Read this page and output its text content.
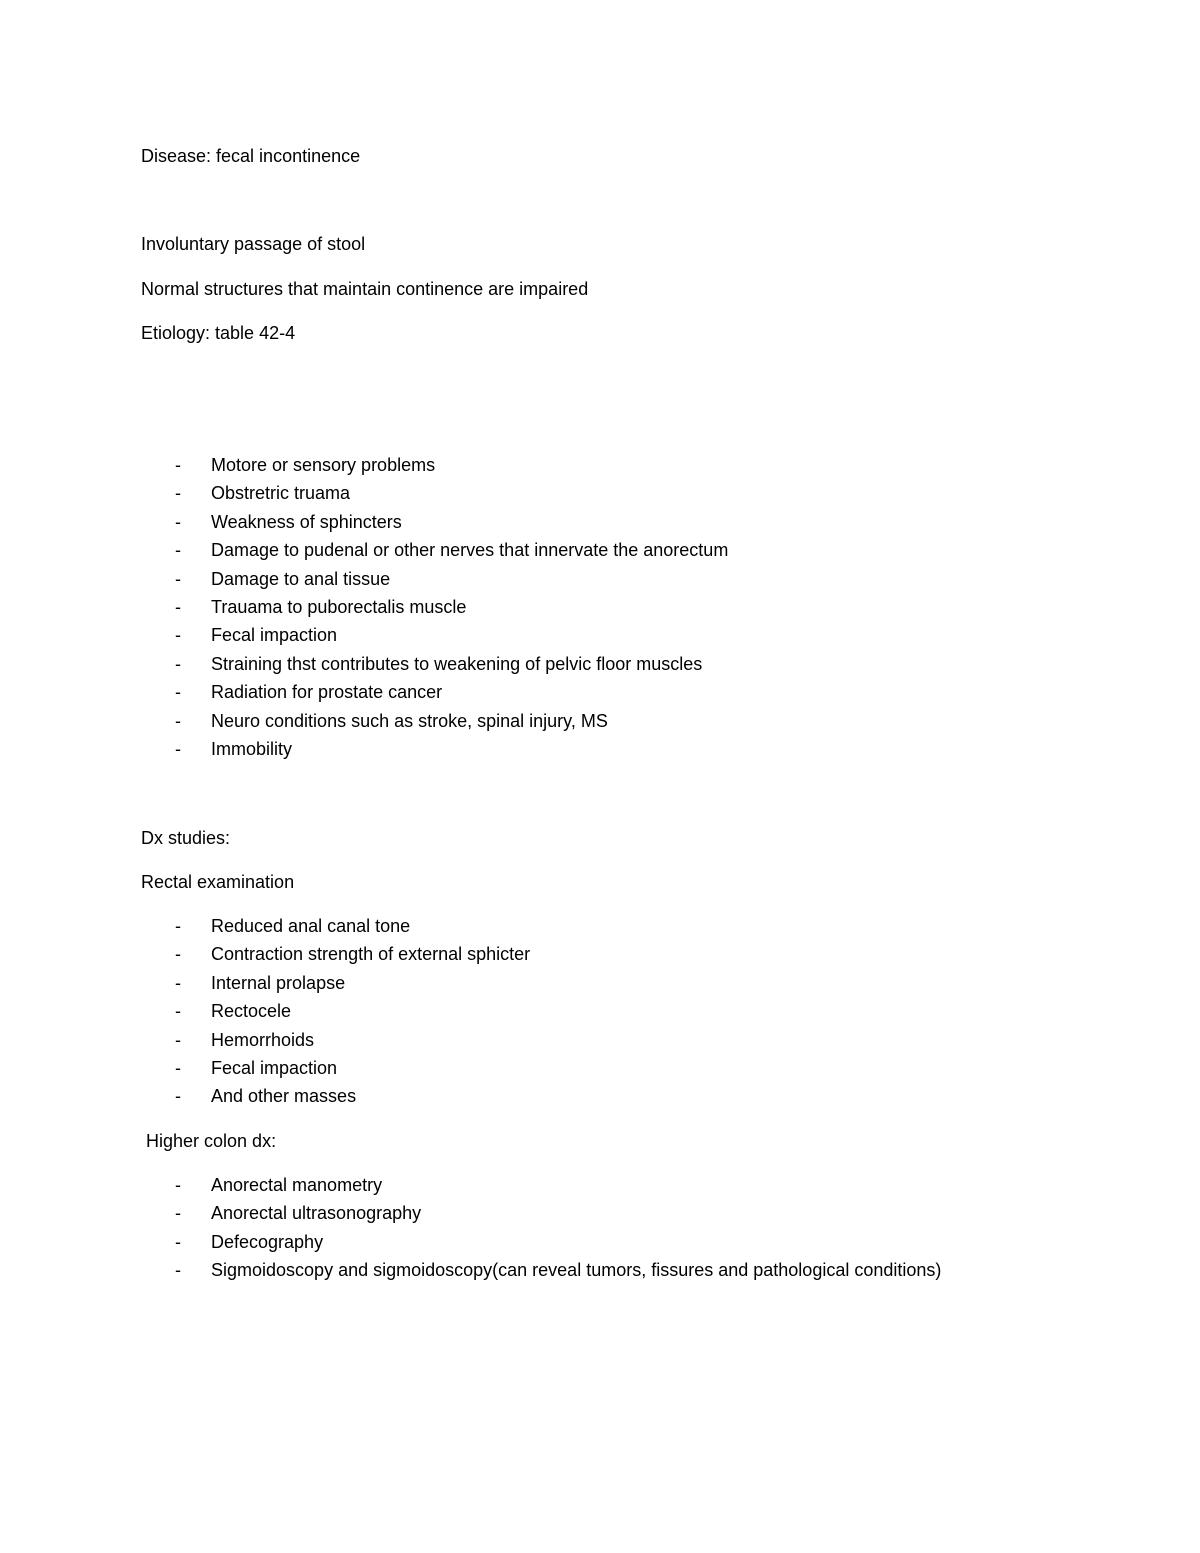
Disease: fecal incontinence
Involuntary passage of stool
Normal structures that maintain continence are impaired
Etiology: table 42-4
- Motore or sensory problems
- Obstretric truama
- Weakness of sphincters
- Damage to pudenal or other nerves that innervate the anorectum
- Damage to anal tissue
- Trauama to puborectalis muscle
- Fecal impaction
- Straining thst contributes to weakening of pelvic floor muscles
- Radiation for prostate cancer
- Neuro conditions such as stroke, spinal injury, MS
- Immobility
Dx studies:
Rectal examination
- Reduced anal canal tone
- Contraction strength of external sphicter
- Internal prolapse
- Rectocele
- Hemorrhoids
- Fecal impaction
- And other masses
Higher colon dx:
- Anorectal manometry
- Anorectal ultrasonography
- Defecography
- Sigmoidoscopy and sigmoidoscopy(can reveal tumors, fissures and pathological conditions)
